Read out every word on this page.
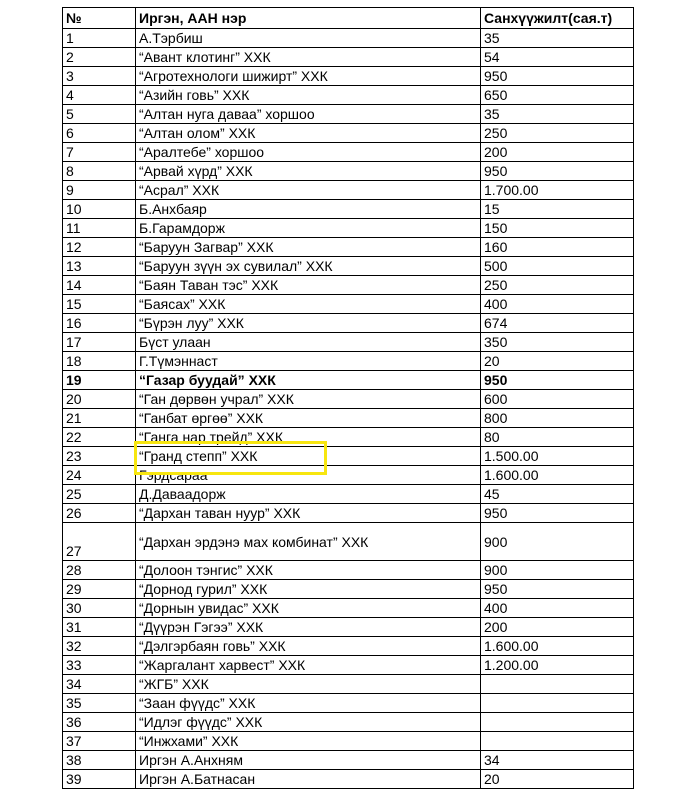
№	Иргэн, ААН нэр	Санхүүжилт(сая.т)
1	А.Тэрбиш	35
2	“Авант клотинг” ХХК	54
3	“Агротехнологи шижирт” ХХК	950
4	“Азийн говь” ХХК	650
5	“Алтан нуга даваа” хоршоо	35
6	“Алтан олом” ХХК	250
7	“Аралтебе” хоршоо	200
8	“Арвай хүрд” ХХК	950
9	“Асрал” ХХК	1.700.00
10	Б.Анхбаяр	15
11	Б.Гарамдорж	150
12	“Баруун Загвар” ХХК	160
13	“Баруун зүүн эх сувилал” ХХК	500
14	“Баян Таван тэс” ХХК	250
15	“Баясах” ХХК	400
16	“Бүрэн луу” ХХК	674
17	Бүст улаан	350
18	Г.Түмэннаст	20
19	“Газар буудай” ХХК	950
20	“Ган дөрвөн учрал” ХХК	600
21	“Ганбат өргөө” ХХК	800
22	“Ганга нар трейд” ХХК	80
23	“Гранд степп” ХХК	1.500.00
24	Гэрдсараа	1.600.00
25	Д.Даваадорж	45
26	“Дархан таван нуур” ХХК	950
27	“Дархан эрдэнэ мах комбинат” ХХК	900
28	“Долоон тэнгис” ХХК	900
29	“Дорнод гурил” ХХК	950
30	“Дорнын увидас” ХХК	400
31	“Дүүрэн Гэгээ” ХХК	200
32	“Дэлгэрбаян говь” ХХК	1.600.00
33	“Жаргалант харвест” ХХК	1.200.00
34	“ЖГБ” ХХК	
35	“Заан фүүдс” ХХК	
36	“Идлэг фүүдс” ХХК	
37	“Инжхами” ХХК	
38	Иргэн А.Анхням	34
39	Иргэн А.Батнасан	20
